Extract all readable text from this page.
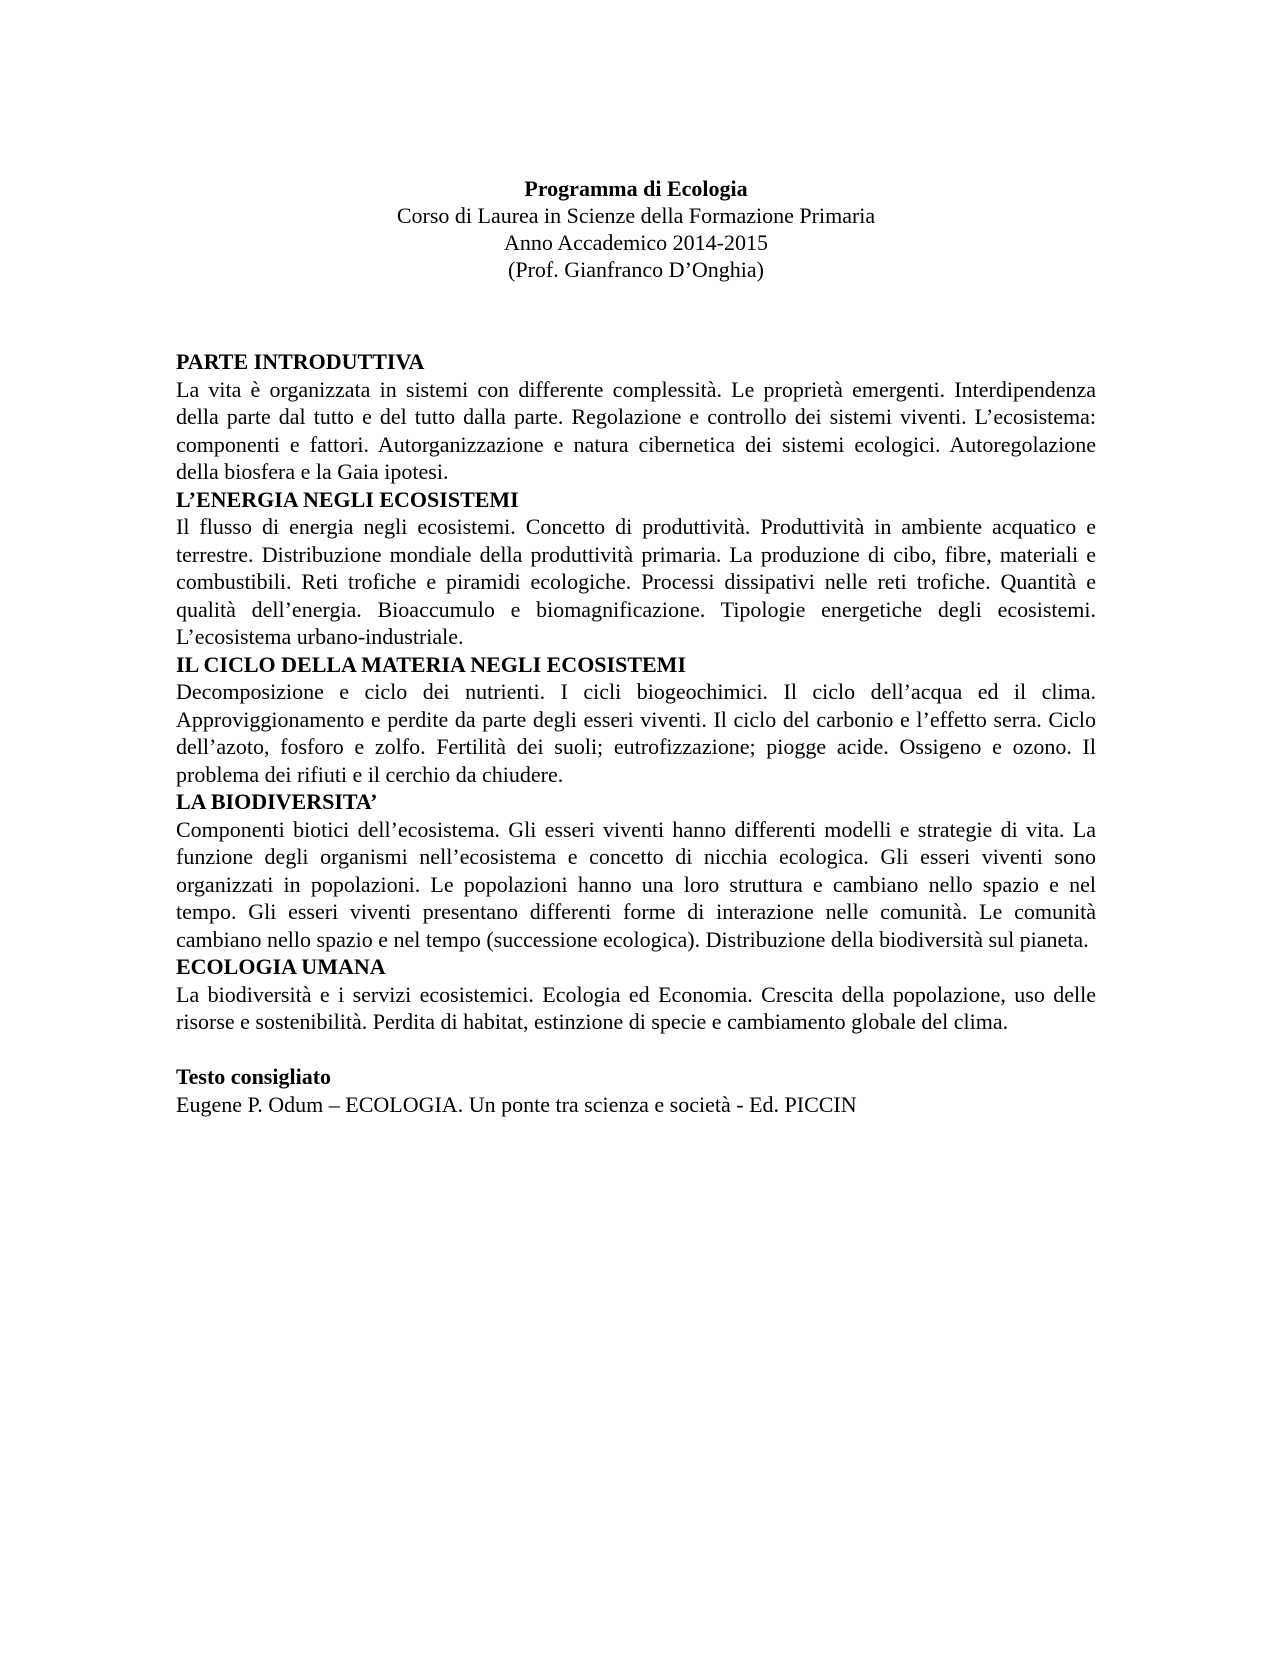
Programma di Ecologia
Corso di Laurea in Scienze della Formazione Primaria
Anno Accademico 2014-2015
(Prof. Gianfranco D’Onghia)

PARTE INTRODUTTIVA

La vita è organizzata in sistemi con differente complessità. Le proprietà emergenti. Interdipendenza della parte dal tutto e del tutto dalla parte. Regolazione e controllo dei sistemi viventi. L’ecosistema: componenti e fattori. Autorganizzazione e natura cibernetica dei sistemi ecologici. Autoregolazione della biosfera e la Gaia ipotesi.

L’ENERGIA NEGLI ECOSISTEMI

Il flusso di energia negli ecosistemi. Concetto di produttività. Produttività in ambiente acquatico e terrestre. Distribuzione mondiale della produttività primaria. La produzione di cibo, fibre, materiali e combustibili. Reti trofiche e piramidi ecologiche. Processi dissipativi nelle reti trofiche. Quantità e qualità dell’energia. Bioaccumulo e biomagnificazione. Tipologie energetiche degli ecosistemi. L’ecosistema urbano-industriale.

IL CICLO DELLA MATERIA NEGLI ECOSISTEMI

Decomposizione e ciclo dei nutrienti. I cicli biogeochimici. Il ciclo dell’acqua ed il clima. Approviggionamento e perdite da parte degli esseri viventi. Il ciclo del carbonio e l’effetto serra. Ciclo dell’azoto, fosforo e zolfo. Fertilità dei suoli; eutrofizzazione; piogge acide. Ossigeno e ozono. Il problema dei rifiuti e il cerchio da chiudere.

LA BIODIVERSITA’

Componenti biotici dell’ecosistema. Gli esseri viventi hanno differenti modelli e strategie di vita. La funzione degli organismi nell’ecosistema e concetto di nicchia ecologica. Gli esseri viventi sono organizzati in popolazioni. Le popolazioni hanno una loro struttura e cambiano nello spazio e nel tempo. Gli esseri viventi presentano differenti forme di interazione nelle comunità. Le comunità cambiano nello spazio e nel tempo (successione ecologica). Distribuzione della biodiversità sul pianeta.

ECOLOGIA UMANA

La biodiversità e i servizi ecosistemici. Ecologia ed Economia. Crescita della popolazione, uso delle risorse e sostenibilità. Perdita di habitat, estinzione di specie e cambiamento globale del clima.

Testo consigliato

Eugene P. Odum – ECOLOGIA. Un ponte tra scienza e società - Ed. PICCIN
